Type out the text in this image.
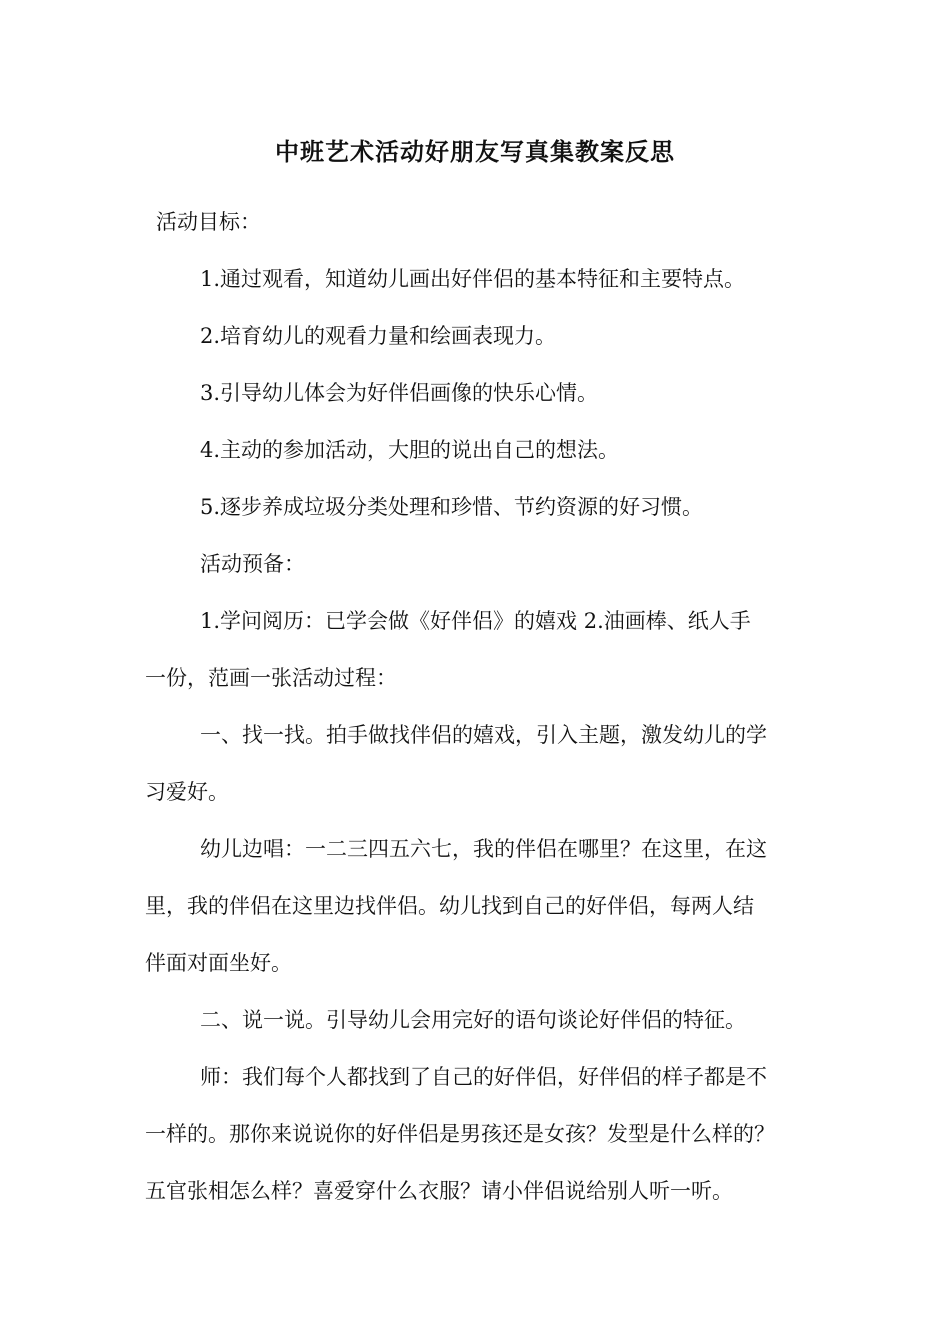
中班艺术活动好朋友写真集教案反思
活动目标：
1.通过观看，知道幼儿画出好伴侣的基本特征和主要特点。
2.培育幼儿的观看力量和绘画表现力。
3.引导幼儿体会为好伴侣画像的快乐心情。
4.主动的参加活动，大胆的说出自己的想法。
5.逐步养成垃圾分类处理和珍惜、节约资源的好习惯。
活动预备：
1.学问阅历：已学会做《好伴侣》的嬉戏 2.油画棒、纸人手
一份，范画一张活动过程：
一、找一找。拍手做找伴侣的嬉戏，引入主题，激发幼儿的学
习爱好。
幼儿边唱：一二三四五六七，我的伴侣在哪里？在这里，在这
里，我的伴侣在这里边找伴侣。幼儿找到自己的好伴侣，每两人结
伴面对面坐好。
二、说一说。引导幼儿会用完好的语句谈论好伴侣的特征。
师：我们每个人都找到了自己的好伴侣，好伴侣的样子都是不
一样的。那你来说说你的好伴侣是男孩还是女孩？发型是什么样的？
五官张相怎么样？喜爱穿什么衣服？请小伴侣说给别人听一听。
